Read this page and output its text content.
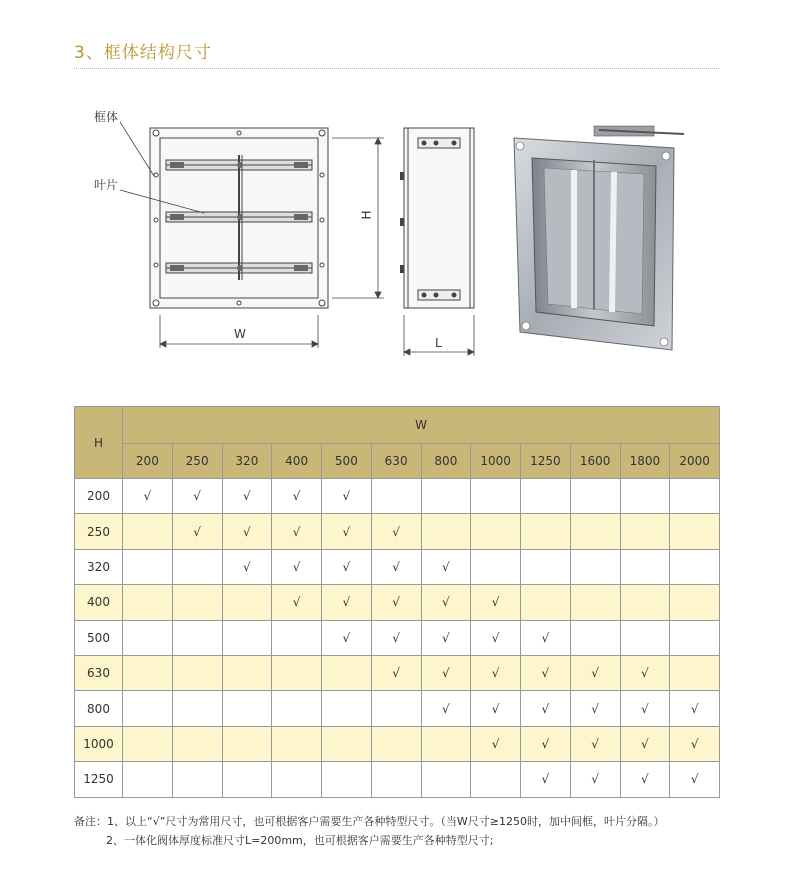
3、框体结构尺寸
框体
叶片
W
H
L
H	W											
	200	250	320	400	500	630	800	1000	1250	1600	1800	2000
200	√	√	√	√	√							
250		√	√	√	√	√						
320			√	√	√	√	√					
400				√	√	√	√	√				
500					√	√	√	√	√			
630						√	√	√	√	√	√	
800							√	√	√	√	√	√
1000								√	√	√	√	√
1250									√	√	√	√
备注：1、以上“√”尺寸为常用尺寸，也可根据客户需要生产各种特型尺寸。（当W尺寸≥1250时，加中间框，叶片分隔。）
2、一体化阀体厚度标准尺寸L=200mm，也可根据客户需要生产各种特型尺寸;
